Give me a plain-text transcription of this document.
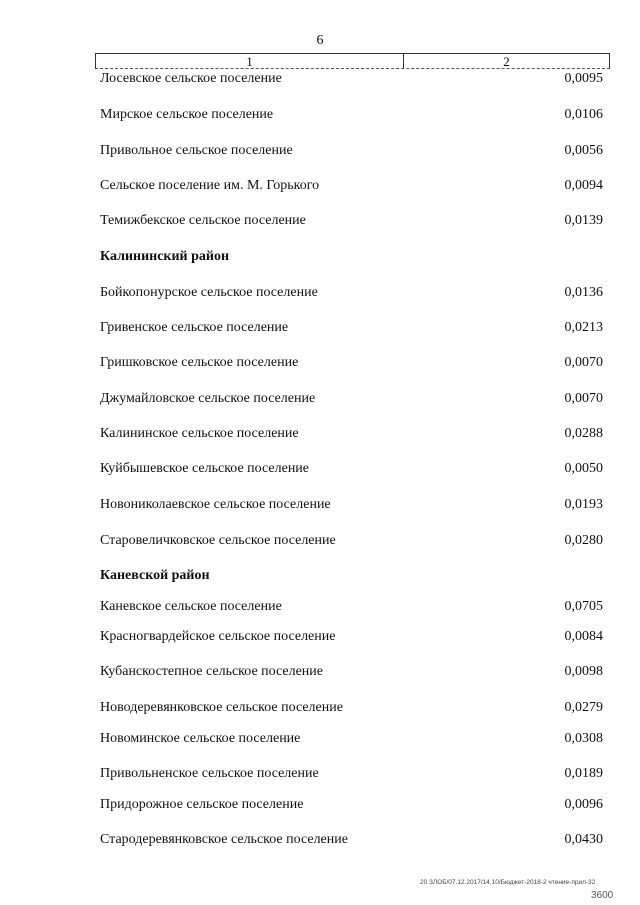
6
1	2
Лосевское сельское поселение	0,0095
Мирское сельское поселение	0,0106
Привольное сельское поселение	0,0056
Сельское поселение им. М. Горького	0,0094
Темижбекское сельское поселение	0,0139
Калининский район
Бойкопонурское сельское поселение	0,0136
Гривенское сельское поселение	0,0213
Гришковское сельское поселение	0,0070
Джумайловское сельское поселение	0,0070
Калининское сельское поселение	0,0288
Куйбышевское сельское поселение	0,0050
Новониколаевское сельское поселение	0,0193
Старовеличковское сельское поселение	0,0280
Каневской район
Каневское сельское поселение	0,0705
Красногвардейское сельское поселение	0,0084
Кубанскостепное сельское поселение	0,0098
Новодеревянковское сельское поселение	0,0279
Новоминское сельское поселение	0,0308
Привольненское сельское поселение	0,0189
Придорожное сельское поселение	0,0096
Стародеревянковское сельское поселение	0,0430
20 ЗЛОБ/07.12.2017/14.10/Бюджет-2018-2 чтение-прил-32
3600
